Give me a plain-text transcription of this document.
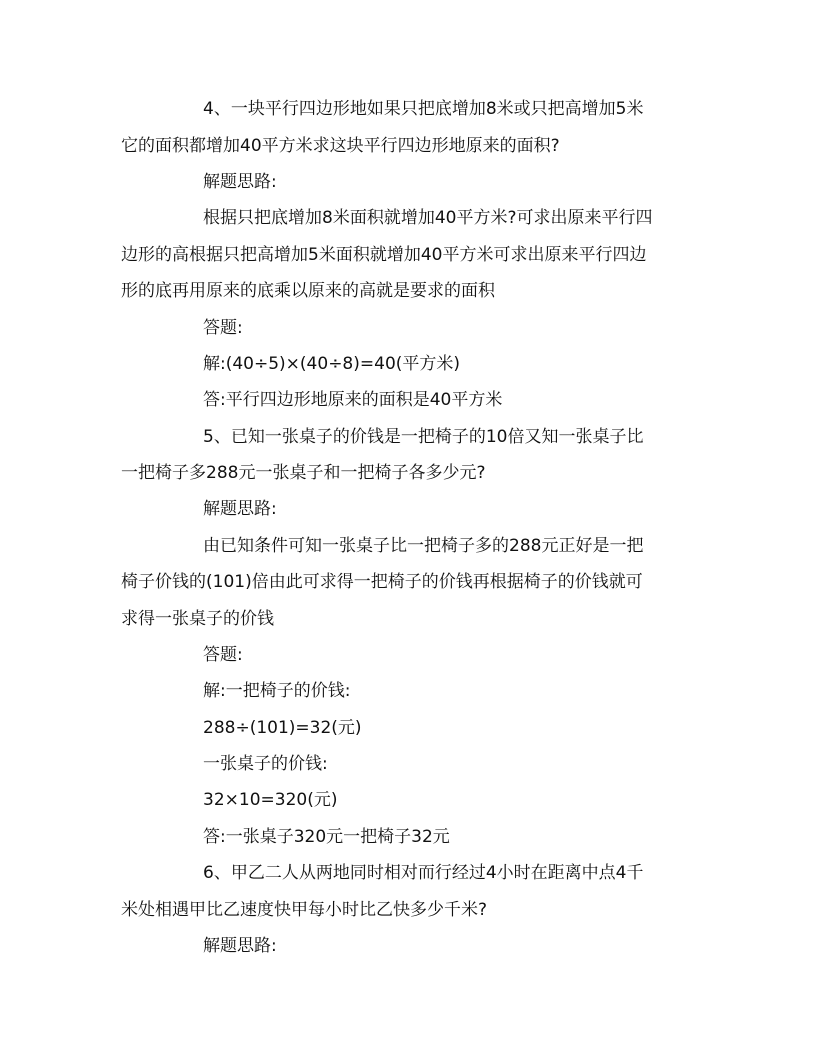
4、一块平行四边形地如果只把底增加8米或只把高增加5米
它的面积都增加40平方米求这块平行四边形地原来的面积?
解题思路:
根据只把底增加8米面积就增加40平方米?可求出原来平行四
边形的高根据只把高增加5米面积就增加40平方米可求出原来平行四边
形的底再用原来的底乘以原来的高就是要求的面积
答题:
解:(40÷5)×(40÷8)=40(平方米)
答:平行四边形地原来的面积是40平方米
5、已知一张桌子的价钱是一把椅子的10倍又知一张桌子比
一把椅子多288元一张桌子和一把椅子各多少元?
解题思路:
由已知条件可知一张桌子比一把椅子多的288元正好是一把
椅子价钱的(101)倍由此可求得一把椅子的价钱再根据椅子的价钱就可
求得一张桌子的价钱
答题:
解:一把椅子的价钱:
288÷(101)=32(元)
一张桌子的价钱:
32×10=320(元)
答:一张桌子320元一把椅子32元
6、甲乙二人从两地同时相对而行经过4小时在距离中点4千
米处相遇甲比乙速度快甲每小时比乙快多少千米?
解题思路:
